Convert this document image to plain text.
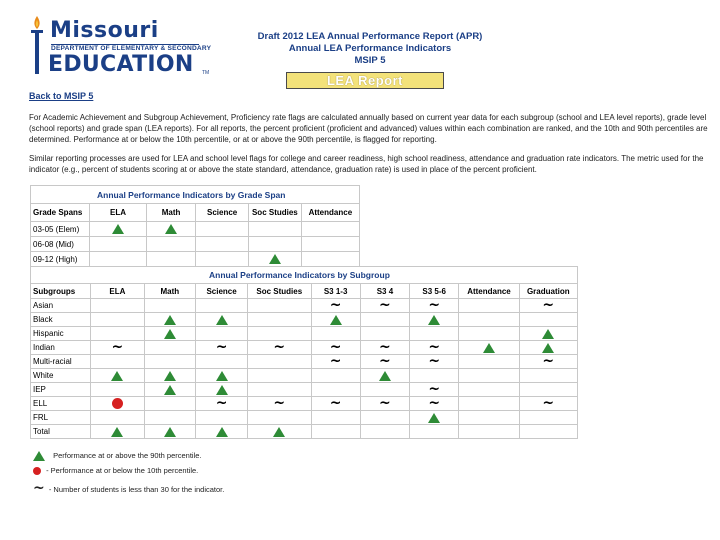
Missouri
DEPARTMENT OF ELEMENTARY & SECONDARY
EDUCATION TM
Draft 2012 LEA Annual Performance Report (APR)
Annual LEA Performance Indicators
MSIP 5
LEA Report
Back to MSIP 5
For Academic Achievement and Subgroup Achievement, Proficiency rate flags are calculated annually based on current year data for each subgroup (school and LEA level reports), grade level (school reports) and grade span (LEA reports). For all reports, the percent proficient (proficient and advanced) values within each combination are ranked, and the 10th and 90th percentiles are determined. Performance at or below the 10th percentile, or at or above the 90th percentile, is flagged for reporting.
Similar reporting processes are used for LEA and school level flags for college and career readiness, high school readiness, attendance and graduation rate indicators. The metric used for the indicator (e.g., percent of students scoring at or above the state standard, attendance, graduation rate) is used in place of the percent proficient.
Annual Performance Indicators by Grade Span					
Grade Spans	ELA	Math	Science	Soc Studies	Attendance
03-05 (Elem)					
06-08 (Mid)					
09-12 (High)					
Annual Performance Indicators by Subgroup									
Subgroups	ELA	Math	Science	Soc Studies	S3 1-3	S3 4	S3 5-6	Attendance	Graduation
Asian					~	~	~		~
Black									
Hispanic									
Indian	~		~	~	~	~	~		
Multi-racial					~	~	~		~
White									
IEP							~		
ELL			~	~	~	~	~		~
FRL									
Total									
Performance at or above the 90th percentile.
- Performance at or below the 10th percentile.
~ - Number of students is less than 30 for the indicator.
